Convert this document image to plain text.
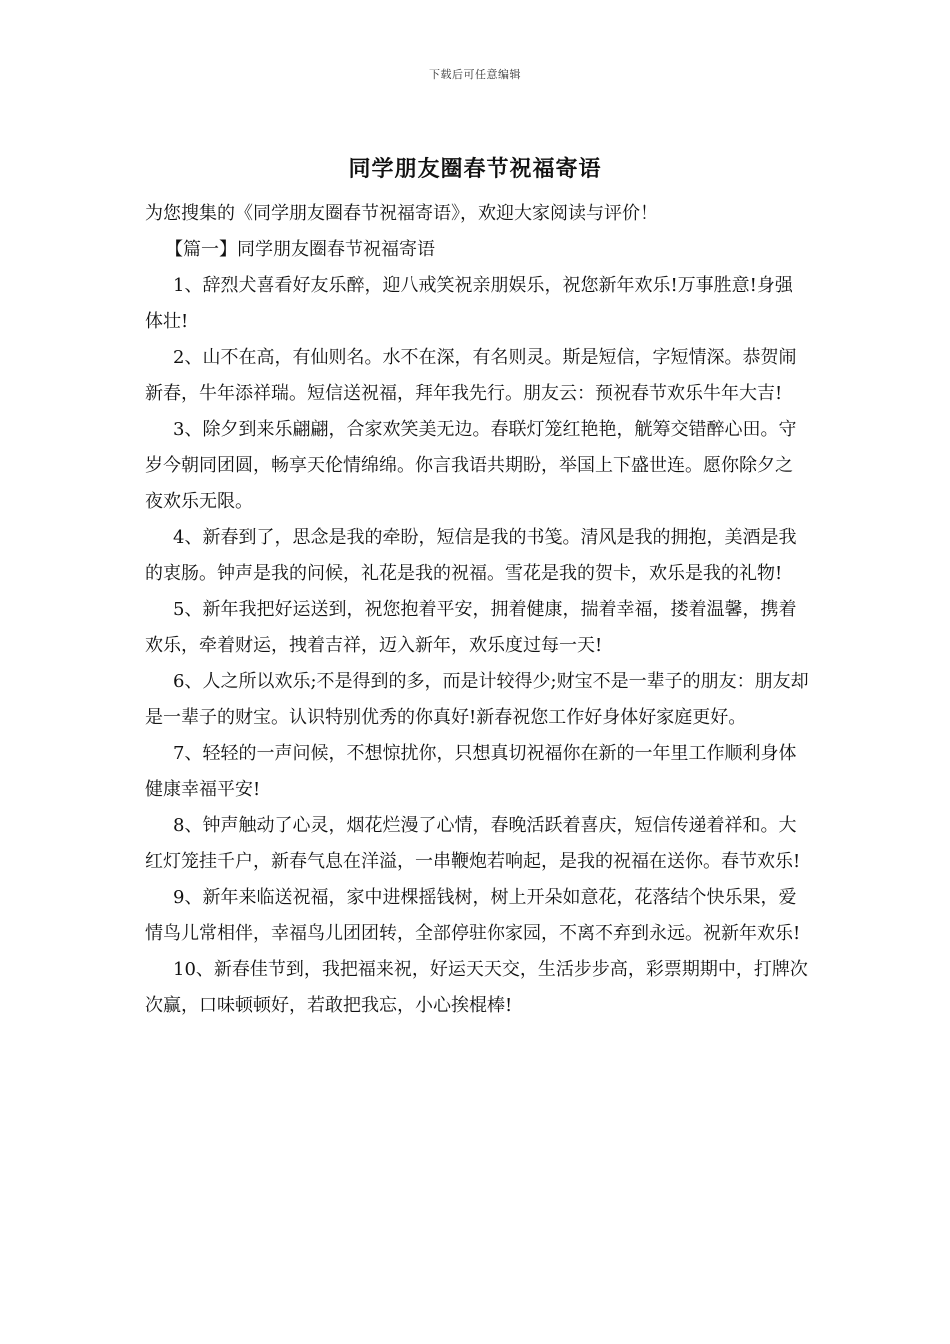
下载后可任意编辑
同学朋友圈春节祝福寄语

为您搜集的《同学朋友圈春节祝福寄语》，欢迎大家阅读与评价！

【篇一】同学朋友圈春节祝福寄语

1、辞烈犬喜看好友乐醉，迎八戒笑祝亲朋娱乐，祝您新年欢乐!万事胜意!身强体壮!

2、山不在高，有仙则名。水不在深，有名则灵。斯是短信，字短情深。恭贺闹新春，牛年添祥瑞。短信送祝福，拜年我先行。朋友云：预祝春节欢乐牛年大吉!

3、除夕到来乐翩翩，合家欢笑美无边。春联灯笼红艳艳，觥筹交错醉心田。守岁今朝同团圆，畅享天伦情绵绵。你言我语共期盼，举国上下盛世连。愿你除夕之夜欢乐无限。

4、新春到了，思念是我的牵盼，短信是我的书笺。清风是我的拥抱，美酒是我的衷肠。钟声是我的问候，礼花是我的祝福。雪花是我的贺卡，欢乐是我的礼物!

5、新年我把好运送到，祝您抱着平安，拥着健康，揣着幸福，搂着温馨，携着欢乐，牵着财运，拽着吉祥，迈入新年，欢乐度过每一天!

6、人之所以欢乐;不是得到的多，而是计较得少;财宝不是一辈子的朋友：朋友却是一辈子的财宝。认识特别优秀的你真好!新春祝您工作好身体好家庭更好。

7、轻轻的一声问候，不想惊扰你，只想真切祝福你在新的一年里工作顺利身体健康幸福平安!

8、钟声触动了心灵，烟花烂漫了心情，春晚活跃着喜庆，短信传递着祥和。大红灯笼挂千户，新春气息在洋溢，一串鞭炮若响起，是我的祝福在送你。春节欢乐!

9、新年来临送祝福，家中进棵摇钱树，树上开朵如意花，花落结个快乐果，爱情鸟儿常相伴，幸福鸟儿团团转，全部停驻你家园，不离不弃到永远。祝新年欢乐!

10、新春佳节到，我把福来祝，好运天天交，生活步步高，彩票期期中，打牌次次赢，口味顿顿好，若敢把我忘，小心挨棍棒!
